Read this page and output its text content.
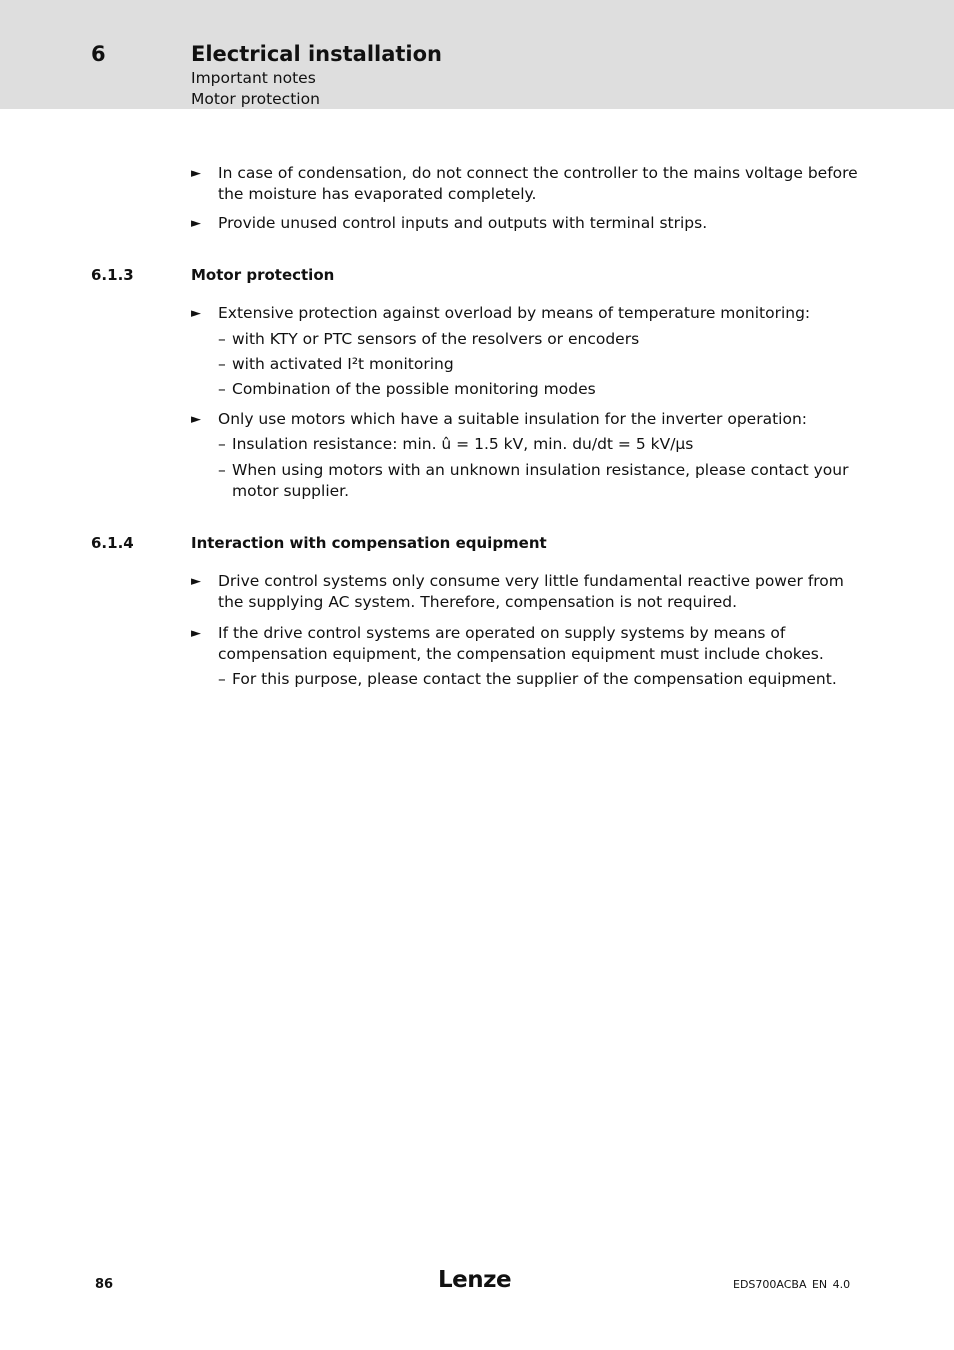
6	Electrical installation
Important notes
Motor protection
► In case of condensation, do not connect the controller to the mains voltage before the moisture has evaporated completely.
► Provide unused control inputs and outputs with terminal strips.
6.1.3	Motor protection
► Extensive protection against overload by means of temperature monitoring:
– with KTY or PTC sensors of the resolvers or encoders
– with activated I²t monitoring
– Combination of the possible monitoring modes
► Only use motors which have a suitable insulation for the inverter operation:
– Insulation resistance: min. û = 1.5 kV, min. du/dt = 5 kV/µs
– When using motors with an unknown insulation resistance, please contact your motor supplier.
6.1.4	Interaction with compensation equipment
► Drive control systems only consume very little fundamental reactive power from the supplying AC system. Therefore, compensation is not required.
► If the drive control systems are operated on supply systems by means of compensation equipment, the compensation equipment must include chokes.
– For this purpose, please contact the supplier of the compensation equipment.
86	Lenze	EDS700ACBA EN 4.0
